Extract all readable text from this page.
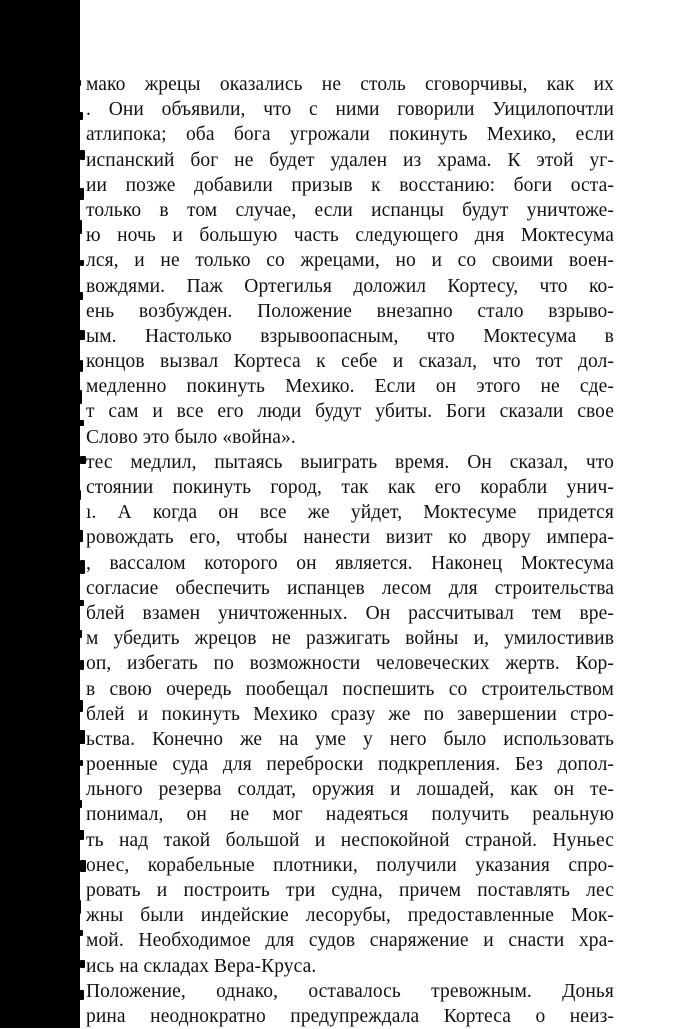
мако жрецы оказались не столь сговорчивы, как их
. Они объявили, что с ними говорили Уицилопочтли
атлипока; оба бога угрожали покинуть Мехико, если
испанский бог не будет удален из храма. К этой уг-
ии позже добавили призыв к восстанию: боги оста-
только в том случае, если испанцы будут уничтоже-
ю ночь и большую часть следующего дня Моктесума
лся, и не только со жрецами, но и со своими воен-
вождями. Паж Ортегилья доложил Кортесу, что ко-
ень возбужден. Положение внезапно стало взрыво-
ым. Настолько взрывоопасным, что Моктесума в
концов вызвал Кортеса к себе и сказал, что тот дол-
медленно покинуть Мехико. Если он этого не сде-
т сам и все его люди будут убиты. Боги сказали свое
Слово это было «война».
тес медлил, пытаясь выиграть время. Он сказал, что
стоянии покинуть город, так как его корабли унич-
ı. А когда он все же уйдет, Моктесуме придется
ровождать его, чтобы нанести визит ко двору импера-
, вассалом которого он является. Наконец Моктесума
согласие обеспечить испанцев лесом для строительства
блей взамен уничтоженных. Он рассчитывал тем вре-
м убедить жрецов не разжигать войны и, умилостивив
оп, избегать по возможности человеческих жертв. Кор-
в свою очередь пообещал поспешить со строительством
блей и покинуть Мехико сразу же по завершении стро-
ьства. Конечно же на уме у него было использовать
роенные суда для переброски подкрепления. Без допол-
льного резерва солдат, оружия и лошадей, как он те-
понимал, он не мог надеяться получить реальную
ть над такой большой и неспокойной страной. Нуньес
онес, корабельные плотники, получили указания спро-
ровать и построить три судна, причем поставлять лес
жны были индейские лесорубы, предоставленные Мок-
мой. Необходимое для судов снаряжение и снасти хра-
ись на складах Вера-Круса.
Положение, однако, оставалось тревожным. Донья
рина неоднократно предупреждала Кортеса о неиз-
